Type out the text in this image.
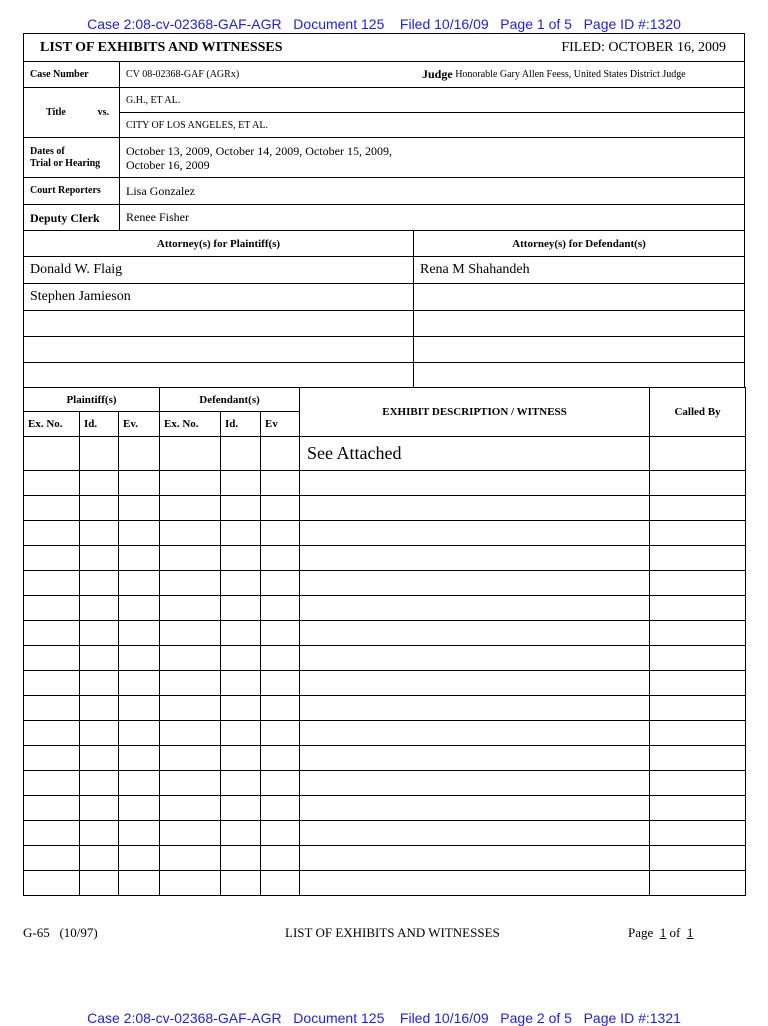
Case 2:08-cv-02368-GAF-AGR   Document 125    Filed 10/16/09   Page 1 of 5   Page ID #:1320
LIST OF EXHIBITS AND WITNESSES	FILED: OCTOBER 16, 2009
Case Number	CV 08-02368-GAF (AGRx)	Judge
Honorable Gary Allen Feess, United States District Judge
Title	vs.
G.H., ET AL.
CITY OF LOS ANGELES, ET AL.
Dates of
Trial or Hearing
October 13, 2009, October 14, 2009, October 15, 2009, October 16, 2009
Court Reporters	Lisa Gonzalez
Deputy Clerk	Renee Fisher
Attorney(s) for Plaintiff(s)	Attorney(s) for Defendant(s)
Donald W. Flaig	Rena M Shahandeh
Stephen Jamieson
Plaintiff(s)			Defendant(s)			EXHIBIT DESCRIPTION / WITNESS	Called By
Ex. No.	Id.	Ev.	Ex. No.	Id.	Ev		
						See Attached	

G-65   (10/97)	LIST OF EXHIBITS AND WITNESSES	Page 1 of 1
Case 2:08-cv-02368-GAF-AGR   Document 125    Filed 10/16/09   Page 2 of 5   Page ID #:1321
